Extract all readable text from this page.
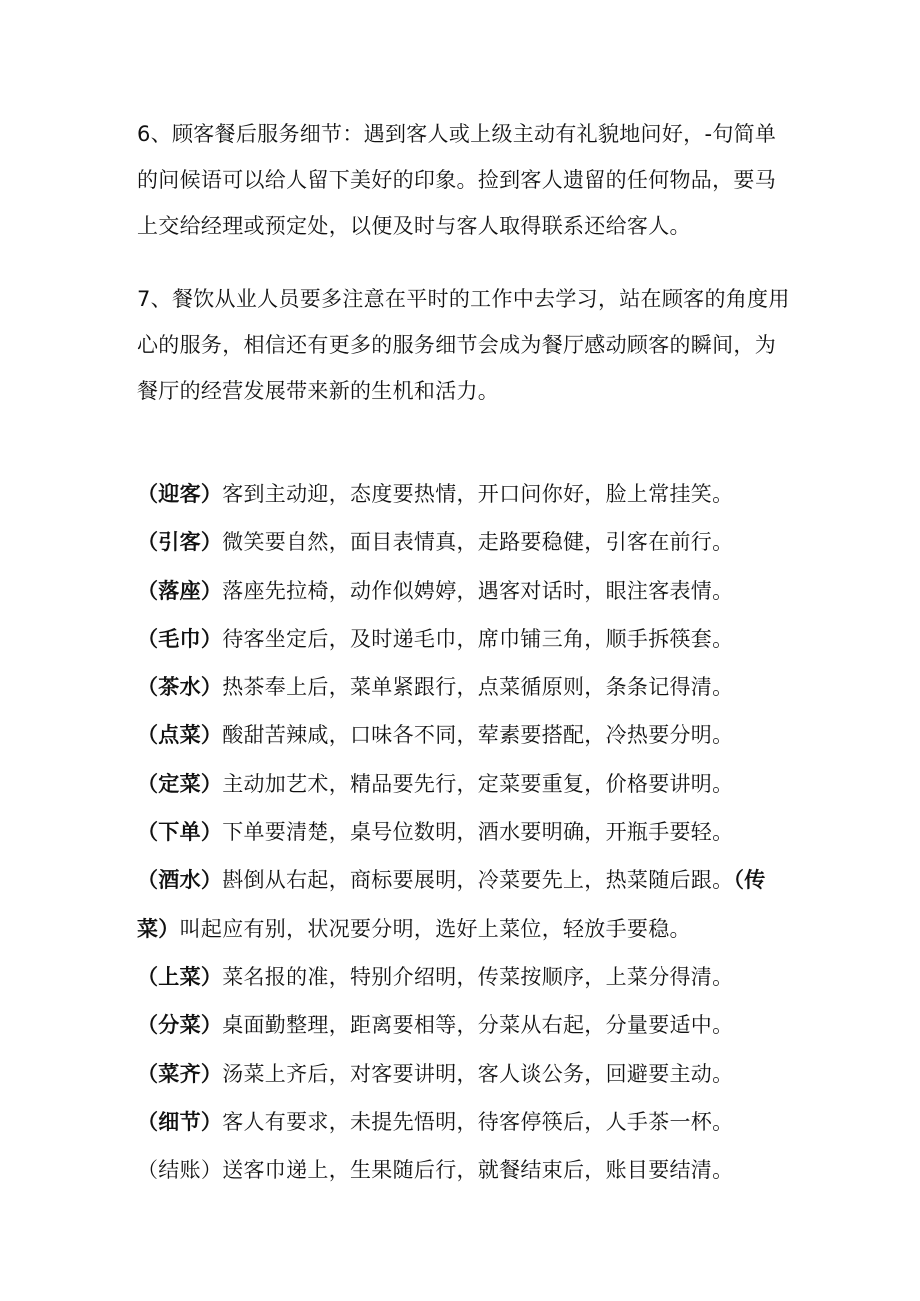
6、顾客餐后服务细节：遇到客人或上级主动有礼貌地问好，-句简单的问候语可以给人留下美好的印象。捡到客人遗留的任何物品，要马上交给经理或预定处，以便及时与客人取得联系还给客人。

7、餐饮从业人员要多注意在平时的工作中去学习，站在顾客的角度用心的服务，相信还有更多的服务细节会成为餐厅感动顾客的瞬间，为餐厅的经营发展带来新的生机和活力。

（迎客）客到主动迎，态度要热情，开口问你好，脸上常挂笑。
（引客）微笑要自然，面目表情真，走路要稳健，引客在前行。
（落座）落座先拉椅，动作似娉婷，遇客对话时，眼注客表情。
（毛巾）待客坐定后，及时递毛巾，席巾铺三角，顺手拆筷套。
（茶水）热茶奉上后，菜单紧跟行，点菜循原则，条条记得清。
（点菜）酸甜苦辣咸，口味各不同，荤素要搭配，冷热要分明。
（定菜）主动加艺术，精品要先行，定菜要重复，价格要讲明。
（下单）下单要清楚，桌号位数明，酒水要明确，开瓶手要轻。
（酒水）斟倒从右起，商标要展明，冷菜要先上，热菜随后跟。（传菜）叫起应有别，状况要分明，选好上菜位，轻放手要稳。
（上菜）菜名报的准，特别介绍明，传菜按顺序，上菜分得清。
（分菜）桌面勤整理，距离要相等，分菜从右起，分量要适中。
（菜齐）汤菜上齐后，对客要讲明，客人谈公务，回避要主动。
（细节）客人有要求，未提先悟明，待客停筷后，人手茶一杯。
（结账）送客巾递上，生果随后行，就餐结束后，账目要结清。
